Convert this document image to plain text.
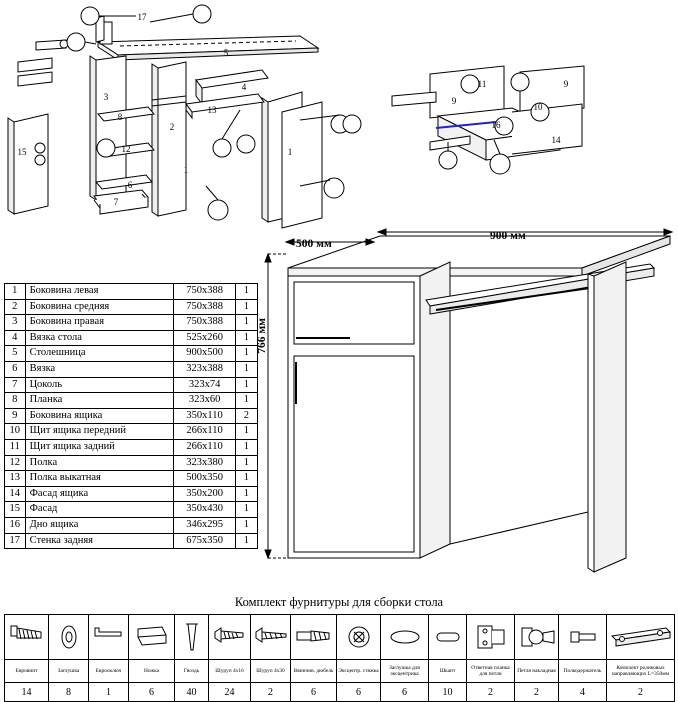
17
5
3
4
13
8
2
12
15
6
7
1
1
11
9
9
10
16
14
1	Боковина левая	750х388	1
2	Боковина средняя	750х388	1
3	Боковина правая	750х388	1
4	Вязка стола	525х260	1
5	Столешница	900х500	1
6	Вязка	323х388	1
7	Цоколь	323х74	1
8	Планка	323х60	1
9	Боковина ящика	350х110	2
10	Щит ящика передний	266х110	1
11	Щит ящика задний	266х110	1
12	Полка	323х380	1
13	Полка выкатная	500х350	1
14	Фасад ящика	350х200	1
15	Фасад	350х430	1
16	Дно ящика	346х295	1
17	Стенка задняя	675х350	1
900 мм
500 мм
766 мм
Комплект фурнитуры для сборки стола

Евровинт	Заглушка	Еврооключ	Ножка	Гвоздь	Шуруп 4х16	Шуруп 4х30	Ввинчив. дюбель	Эксцентр. стяжка	Заглушка для эксцентрика	Шкант	Ответная планка для петли	Петля накладная	Полкодержатель	Комплект роликовых направляющих L=350мм
14	8	1	6	40	24	2	6	6	6	10	2	2	4	2
